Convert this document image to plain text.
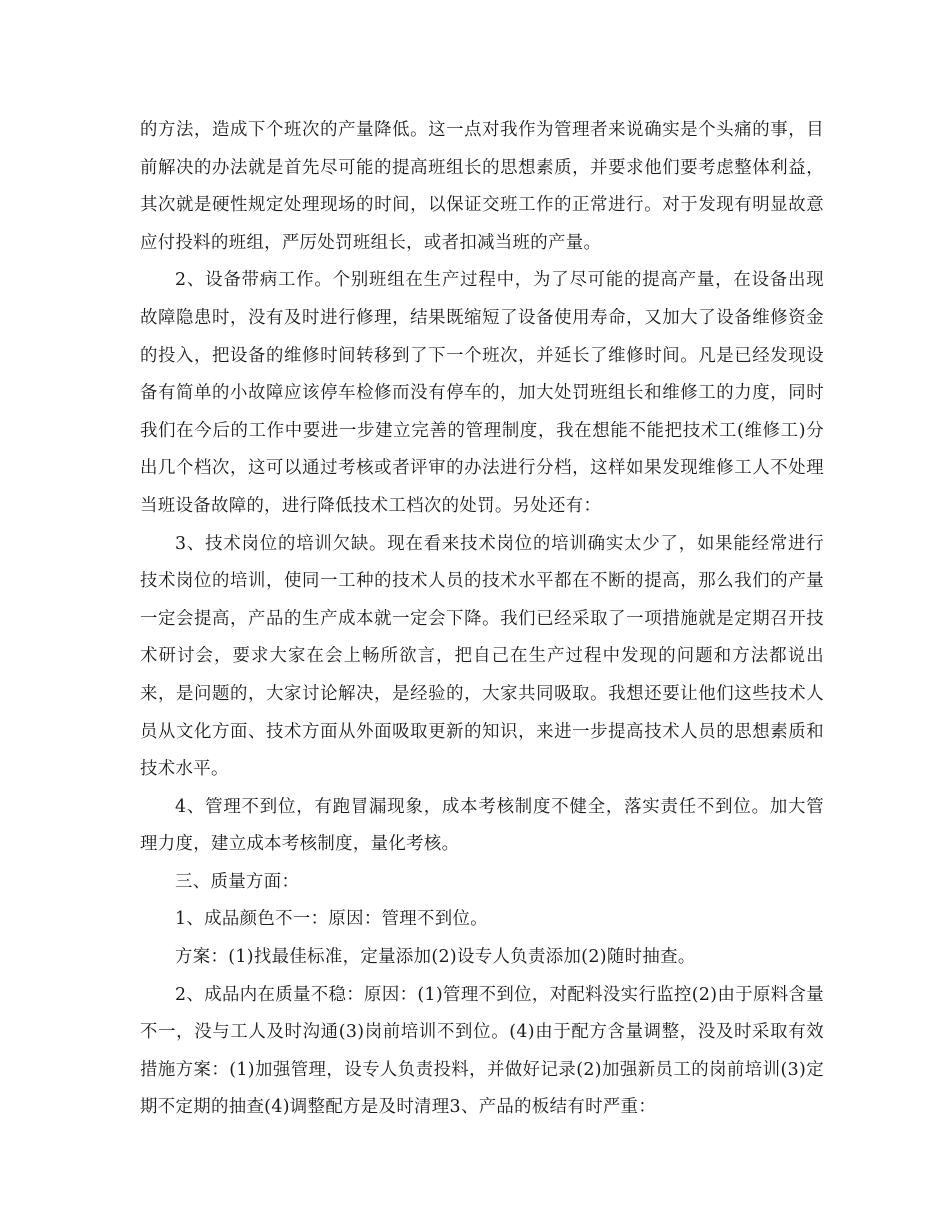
的方法，造成下个班次的产量降低。这一点对我作为管理者来说确实是个头痛的事，目前解决的办法就是首先尽可能的提高班组长的思想素质，并要求他们要考虑整体利益，其次就是硬性规定处理现场的时间，以保证交班工作的正常进行。对于发现有明显故意应付投料的班组，严厉处罚班组长，或者扣减当班的产量。

2、设备带病工作。个别班组在生产过程中，为了尽可能的提高产量，在设备出现故障隐患时，没有及时进行修理，结果既缩短了设备使用寿命，又加大了设备维修资金的投入，把设备的维修时间转移到了下一个班次，并延长了维修时间。凡是已经发现设备有简单的小故障应该停车检修而没有停车的，加大处罚班组长和维修工的力度，同时我们在今后的工作中要进一步建立完善的管理制度，我在想能不能把技术工(维修工)分出几个档次，这可以通过考核或者评审的办法进行分档，这样如果发现维修工人不处理当班设备故障的，进行降低技术工档次的处罚。另处还有：

3、技术岗位的培训欠缺。现在看来技术岗位的培训确实太少了，如果能经常进行技术岗位的培训，使同一工种的技术人员的技术水平都在不断的提高，那么我们的产量一定会提高，产品的生产成本就一定会下降。我们已经采取了一项措施就是定期召开技术研讨会，要求大家在会上畅所欲言，把自己在生产过程中发现的问题和方法都说出来，是问题的，大家讨论解决，是经验的，大家共同吸取。我想还要让他们这些技术人员从文化方面、技术方面从外面吸取更新的知识，来进一步提高技术人员的思想素质和技术水平。

4、管理不到位，有跑冒漏现象，成本考核制度不健全，落实责任不到位。加大管理力度，建立成本考核制度，量化考核。

三、质量方面：

1、成品颜色不一：原因：管理不到位。

方案：(1)找最佳标准，定量添加(2)设专人负责添加(2)随时抽查。

2、成品内在质量不稳：原因：(1)管理不到位，对配料没实行监控(2)由于原料含量不一，没与工人及时沟通(3)岗前培训不到位。(4)由于配方含量调整，没及时采取有效措施方案：(1)加强管理，设专人负责投料，并做好记录(2)加强新员工的岗前培训(3)定期不定期的抽查(4)调整配方是及时清理3、产品的板结有时严重：
